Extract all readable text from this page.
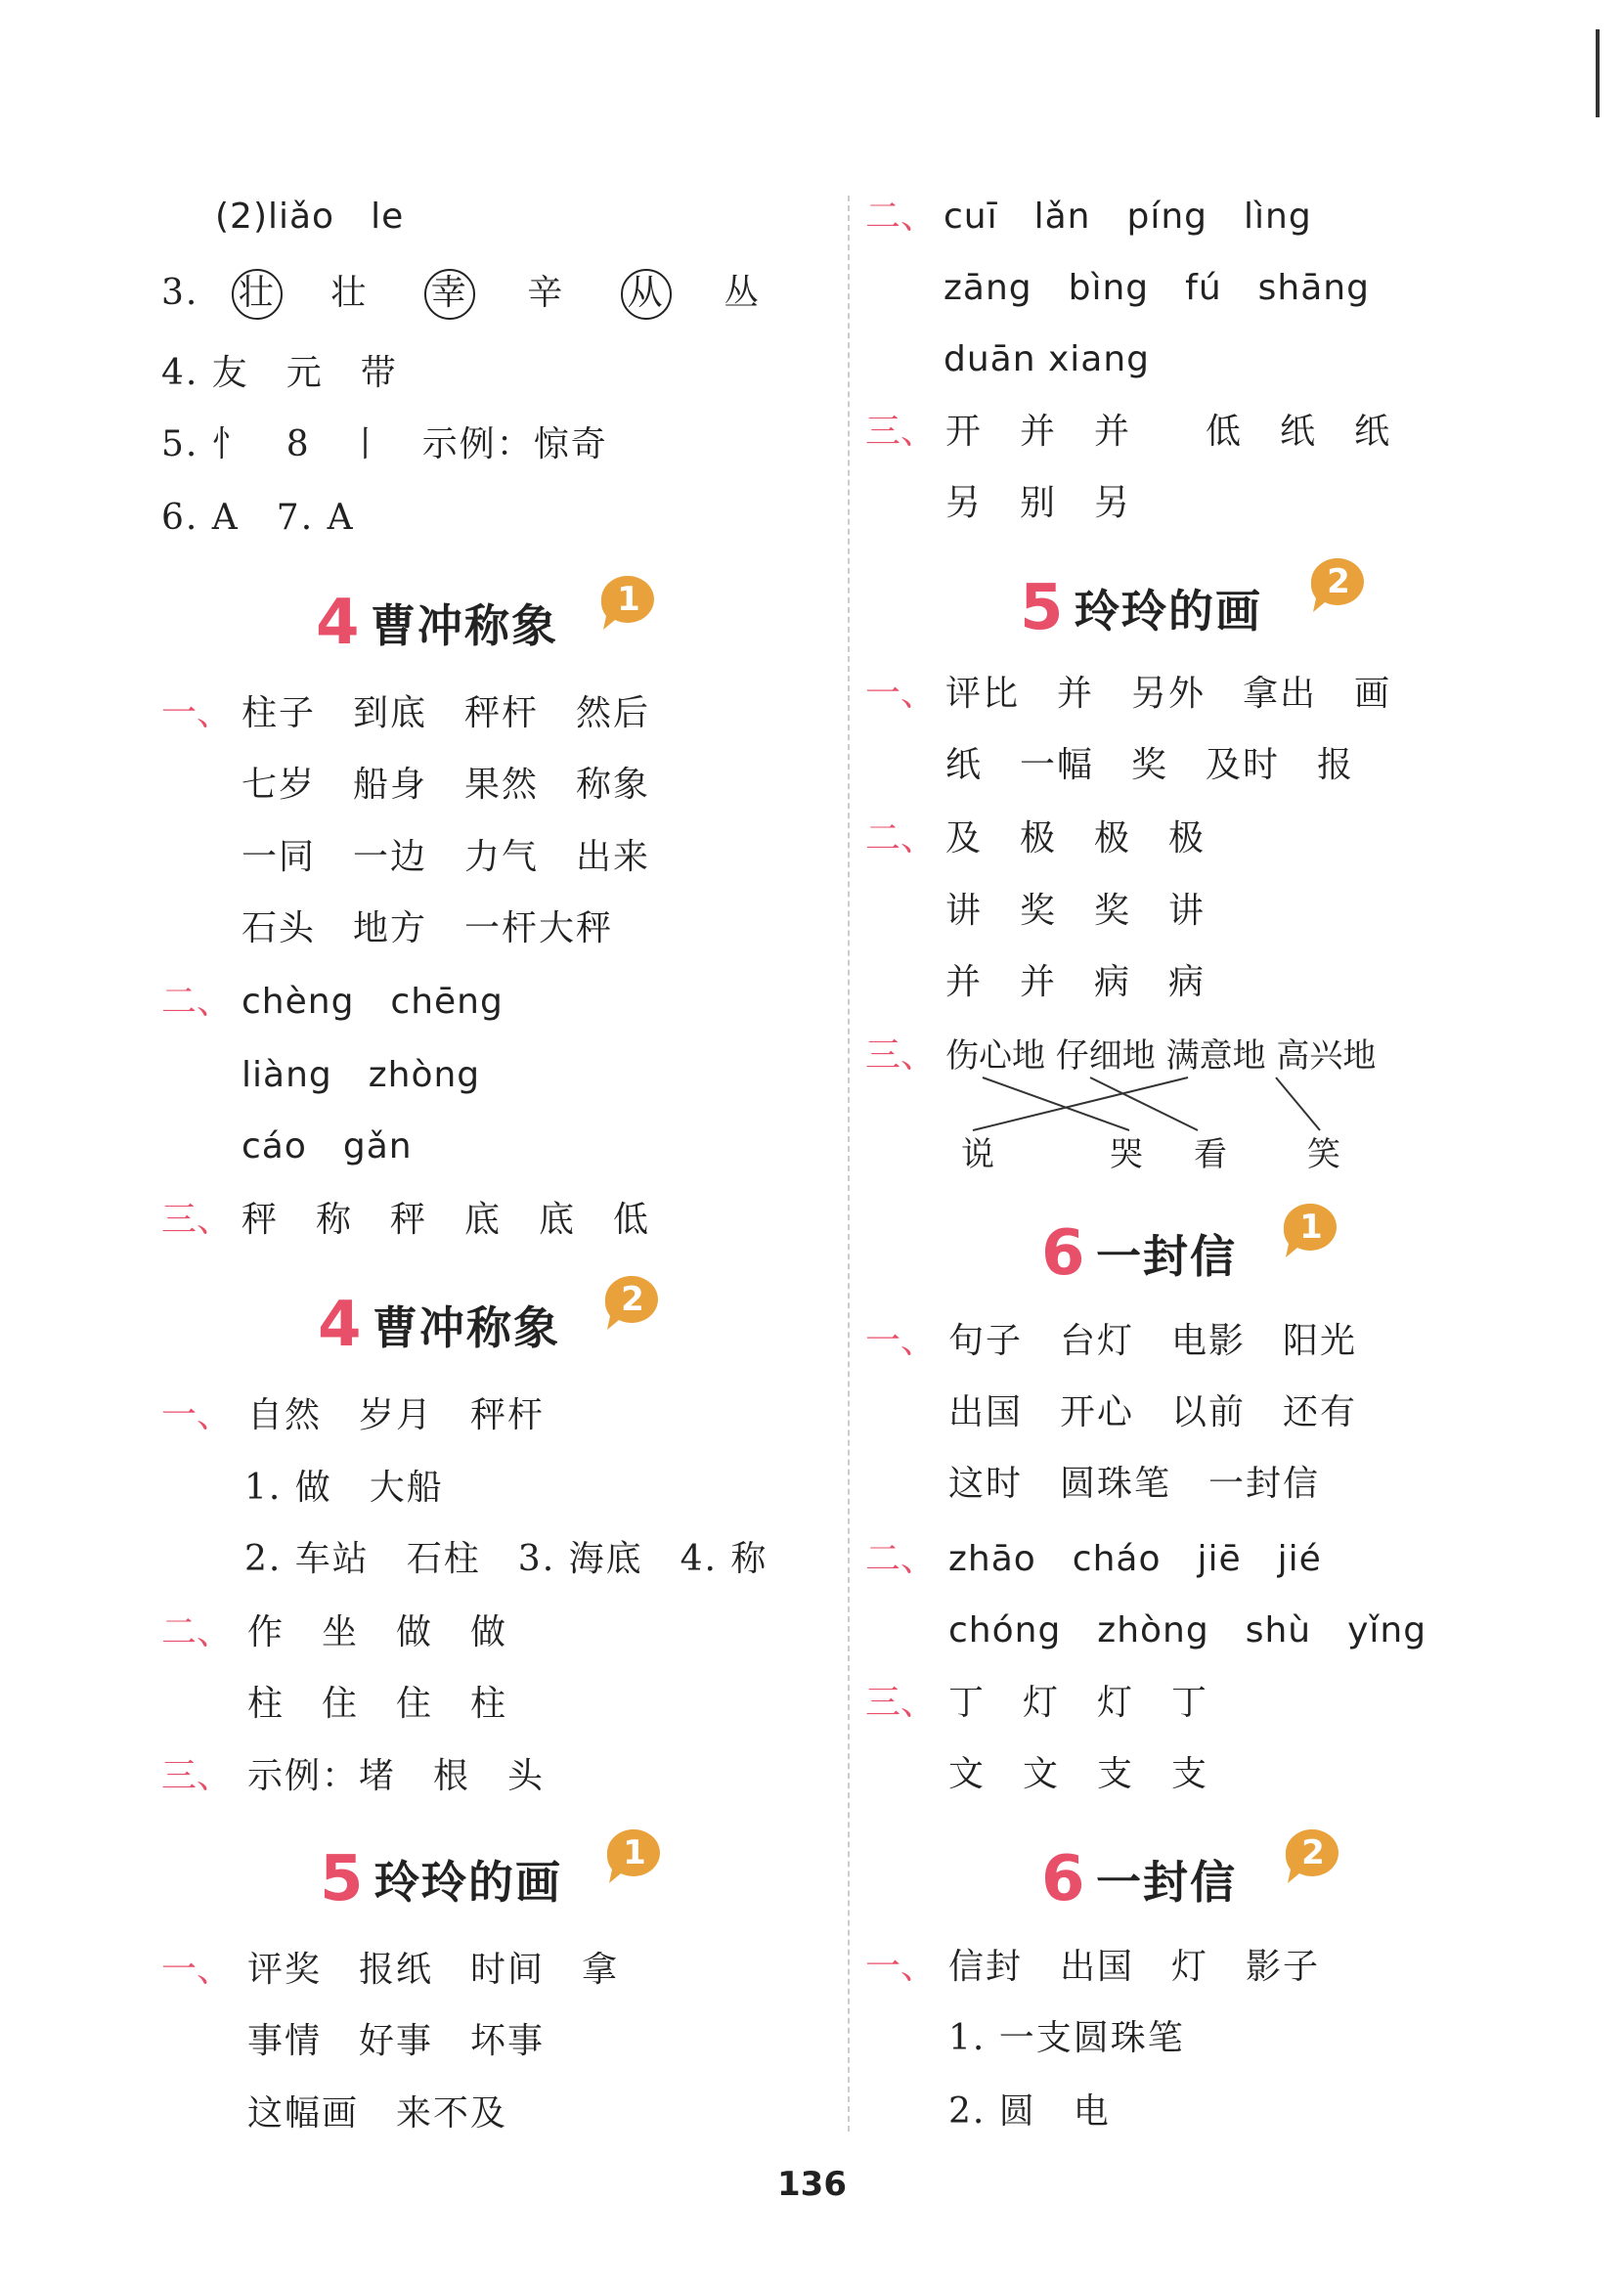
(2)liǎo　le
3. 壮 壮 幸 辛 从 丛
4. 友　元　带
5. 忄　8　丨　示例：惊奇
6. A　7. A
4 曹冲称象 1
一、 柱子　到底　秤杆　然后
七岁　船身　果然　称象
一同　一边　力气　出来
石头　地方　一杆大秤
二、 chèng　chēng
liàng　zhòng
cáo　gǎn
三、 秤　称　秤　底　底　低
4 曹冲称象
2
一、 自然　岁月　秤杆
1. 做　大船
2. 车站　石柱　3. 海底　4. 称
二、 作　坐　做　做
柱　住　住　柱
三、 示例：堵　根　头
5 玲玲的画
1
一、 评奖　报纸　时间　拿
事情　好事　坏事
这幅画　来不及
二、 cuī　lǎn　píng　lìng
zāng　bìng　fú　shāng
duān xiang
三、 开　并　并　　低　纸　纸
另　别　另
5 玲玲的画
2
一、 评比　并　另外　拿出　画
纸　一幅　奖　及时　报
二、 及　极　极　极
讲　奖　奖　讲
并　并　病　病
三、 伤心地 仔细地 满意地 高兴地
说	哭 看 笑
6 一封信
1
一、 句子　台灯　电影　阳光
出国　开心　以前　还有
这时　圆珠笔　一封信
二、 zhāo　cháo　jiē　jié
chóng　zhòng　shù　yǐng
三、 丁　灯　灯　丁
文　文　支　支
6 一封信
2
一、 信封　出国　灯　影子
1. 一支圆珠笔
2. 圆　电
136
